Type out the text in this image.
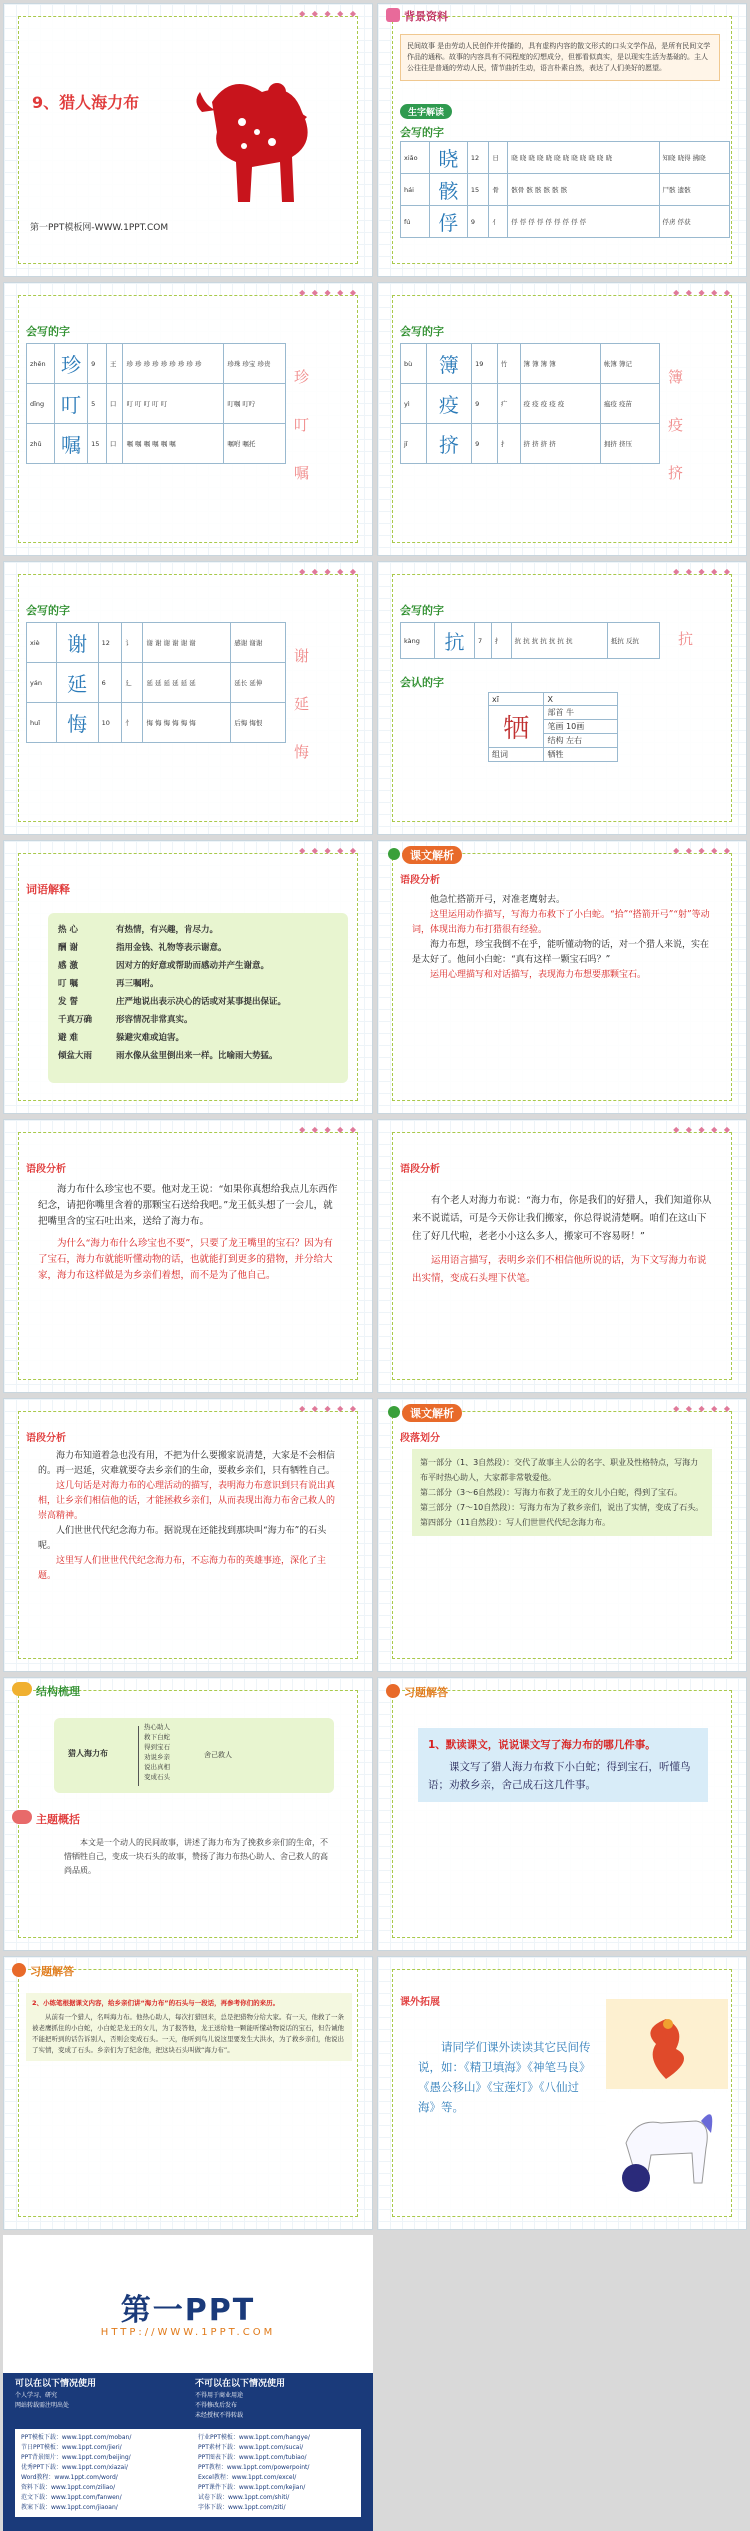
◆ ◆ ◆ ◆ ◆
9、猎人海力布
第一PPT模板网-WWW.1PPT.COM
背景资料
民间故事 是由劳动人民创作并传播的，具有虚构内容的散文形式的口头文学作品，是所有民间文学作品的通称。故事的内容具有不同程度的幻想成分，但都看似真实，是以现实生活为基础的。主人公往往是普通的劳动人民，情节曲折生动，语言朴素自然，表达了人们美好的愿望。
生字解读
会写的字
xiǎo	晓	12	日	晓 晓 晓 晓 晓 晓 晓 晓 晓 晓 晓 晓	知晓 晓得 拂晓
hái	骸	15	骨	骸骨 骸 骸 骸 骸 骸	尸骸 遗骸
fú	俘	9	亻	俘 俘 俘 俘 俘 俘 俘 俘 俘	俘虏 俘获
◆ ◆ ◆ ◆ ◆
会写的字
zhēn	珍	9	王	珍 珍 珍 珍 珍 珍 珍 珍 珍	珍珠 珍宝 珍贵
dīng	叮	5	口	叮 叮 叮 叮 叮	叮嘱 叮咛
zhǔ	嘱	15	口	嘱 嘱 嘱 嘱 嘱 嘱	嘱咐 嘱托
珍
叮
嘱
◆ ◆ ◆ ◆ ◆
会写的字
bù	簿	19	竹	簿 簿 簿 簿	帐簿 簿记
yì	疫	9	疒	疫 疫 疫 疫 疫	瘟疫 疫苗
jǐ	挤	9	扌	挤 挤 挤 挤	拥挤 挤压
簿
疫
挤
◆ ◆ ◆ ◆ ◆
会写的字
xiè	谢	12	讠	谢 谢 谢 谢 谢 谢	感谢 谢谢
yán	延	6	廴	延 延 延 延 延 延	延长 延伸
huǐ	悔	10	忄	悔 悔 悔 悔 悔 悔	后悔 悔恨
谢
延
悔
◆ ◆ ◆ ◆ ◆
会写的字
kàng	抗	7	扌	抗 抗 抗 抗 抗 抗 抗	抵抗 反抗	抗
会认的字
xī	X
牺	部首 牛
	笔画 10画
	结构 左右
组词	牺牲
◆ ◆ ◆ ◆ ◆
词语解释
热 心	有热情，有兴趣，肯尽力。
酬 谢	指用金钱、礼物等表示谢意。
感 激	因对方的好意或帮助而感动并产生谢意。
叮 嘱	再三嘱咐。
发 誓	庄严地说出表示决心的话或对某事提出保证。
千真万确	形容情况非常真实。
避 难	躲避灾难或迫害。
倾盆大雨	雨水像从盆里倒出来一样。比喻雨大势猛。
◆ ◆ ◆ ◆ ◆
课文解析
语段分析
他急忙搭箭开弓，对准老鹰射去。
这里运用动作描写，写海力布救下了小白蛇。“拾”“搭箭开弓”“射”等动词，体现出海力布打猎很有经验。
海力布想，珍宝我倒不在乎，能听懂动物的话，对一个猎人来说，实在是太好了。他问小白蛇：“真有这样一颗宝石吗？”
运用心理描写和对话描写，表现海力布想要那颗宝石。
◆ ◆ ◆ ◆ ◆
语段分析
海力布什么珍宝也不要。他对龙王说：“如果你真想给我点儿东西作纪念，请把你嘴里含着的那颗宝石送给我吧。”龙王低头想了一会儿，就把嘴里含的宝石吐出来，送给了海力布。
为什么“海力布什么珍宝也不要”，只要了龙王嘴里的宝石？因为有了宝石，海力布就能听懂动物的话，也就能打到更多的猎物，并分给大家，海力布这样做是为乡亲们着想，而不是为了他自己。
◆ ◆ ◆ ◆ ◆
语段分析
有个老人对海力布说：“海力布，你是我们的好猎人，我们知道你从来不说谎话，可是今天你让我们搬家，你总得说清楚啊。咱们在这山下住了好几代啦，老老小小这么多人，搬家可不容易呀！”
运用语言描写，表明乡亲们不相信他所说的话，为下文写海力布说出实情，变成石头埋下伏笔。
◆ ◆ ◆ ◆ ◆
语段分析
海力布知道着急也没有用，不把为什么要搬家说清楚，大家是不会相信的。再一迟延，灾难就要夺去乡亲们的生命，要救乡亲们，只有牺牲自己。
这几句话是对海力布的心理活动的描写，表明海力布意识到只有说出真相，让乡亲们相信他的话，才能拯救乡亲们，从而表现出海力布舍己救人的崇高精神。
人们世世代代纪念海力布。据说现在还能找到那块叫“海力布”的石头呢。
这里写人们世世代代纪念海力布，不忘海力布的英雄事迹，深化了主题。
◆ ◆ ◆ ◆ ◆
课文解析
段落划分
第一部分（1、3自然段）：交代了故事主人公的名字、职业及性格特点，写海力布平时热心助人，大家都非常敬爱他。
第二部分（3～6自然段）：写海力布救了龙王的女儿小白蛇，得到了宝石。
第三部分（7～10自然段）：写海力布为了救乡亲们，说出了实情，变成了石头。
第四部分（11自然段）：写人们世世代代纪念海力布。
结构梳理
猎人海力布
热心助人
救下白蛇
得到宝石
劝说乡亲
说出真相
变成石头
舍己救人
主题概括
本文是一个动人的民间故事，讲述了海力布为了挽救乡亲们的生命，不惜牺牲自己，变成一块石头的故事，赞扬了海力布热心助人、舍己救人的高尚品质。
习题解答
1、默读课文，说说课文写了海力布的哪几件事。
课文写了猎人海力布救下小白蛇；得到宝石，听懂鸟语；劝救乡亲，舍己成石这几件事。
习题解答
2、小练笔根据课文内容，给乡亲们讲“海力布”的石头与一段话，再参考你们的来历。
从前有一个猎人，名叫海力布。他热心助人，每次打猎回来，总是把猎物分给大家。有一天，他救了一条被老鹰抓住的小白蛇，小白蛇是龙王的女儿，为了报答他，龙王送给他一颗能听懂动物说话的宝石，但告诫他不能把听到的话告诉别人，否则会变成石头。一天，他听到鸟儿说这里要发生大洪水，为了救乡亲们，他说出了实情，变成了石头。乡亲们为了纪念他，把这块石头叫做“海力布”。
课外拓展
请同学们课外读读其它民间传说，如：《精卫填海》《神笔马良》《愚公移山》《宝莲灯》《八仙过海》等。
第一PPT
HTTP://WWW.1PPT.COM
可以在以下情况使用
个人学习、研究
网站转载需注明出处
不可以在以下情况使用
不得用于商业用途
不得修改后发布
未经授权不得转载
PPT模板下载：www.1ppt.com/moban/
节日PPT模板：www.1ppt.com/jieri/
PPT背景图片：www.1ppt.com/beijing/
优秀PPT下载：www.1ppt.com/xiazai/
Word教程：www.1ppt.com/word/
资料下载：www.1ppt.com/ziliao/
范文下载：www.1ppt.com/fanwen/
教案下载：www.1ppt.com/jiaoan/
行业PPT模板：www.1ppt.com/hangye/
PPT素材下载：www.1ppt.com/sucai/
PPT图表下载：www.1ppt.com/tubiao/
PPT教程：www.1ppt.com/powerpoint/
Excel教程：www.1ppt.com/excel/
PPT课件下载：www.1ppt.com/kejian/
试卷下载：www.1ppt.com/shiti/
字体下载：www.1ppt.com/ziti/
